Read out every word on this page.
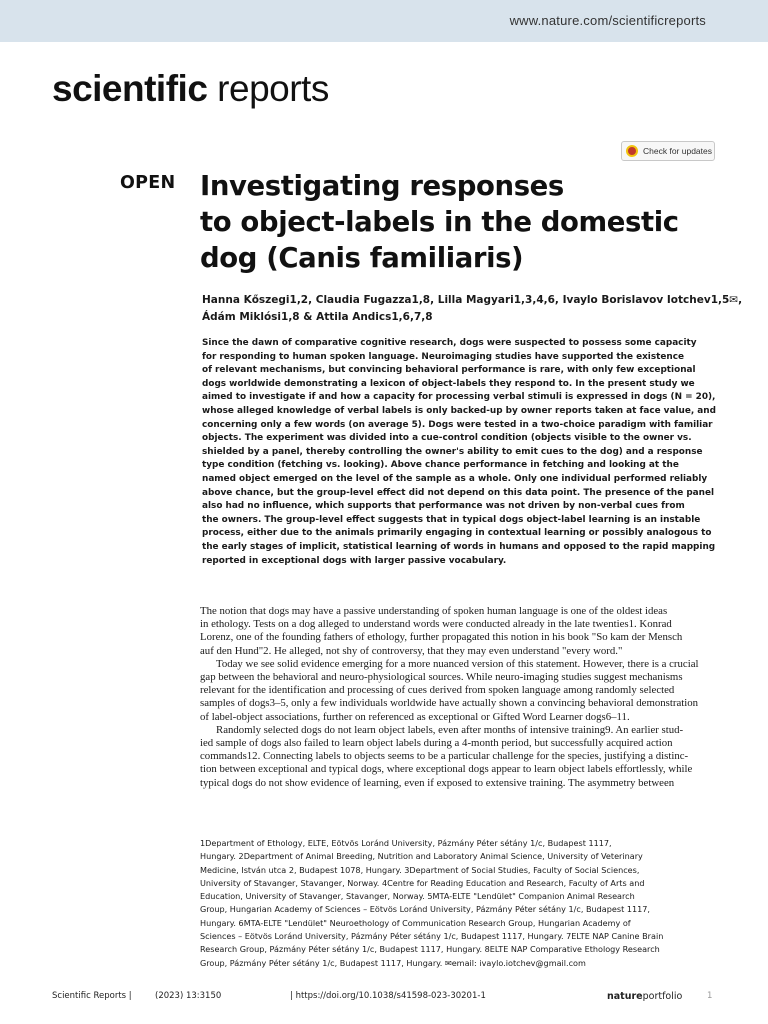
www.nature.com/scientificreports
scientific reports
Check for updates
OPEN Investigating responses
to object-labels in the domestic
dog (Canis familiaris)
Hanna Kőszegi1,2, Claudia Fugazza1,8, Lilla Magyari1,3,4,6, Ivaylo Borislavov Iotchev1,5✉,
Ádám Miklósi1,8 & Attila Andics1,6,7,8
Since the dawn of comparative cognitive research, dogs were suspected to possess some capacity
for responding to human spoken language. Neuroimaging studies have supported the existence
of relevant mechanisms, but convincing behavioral performance is rare, with only few exceptional
dogs worldwide demonstrating a lexicon of object-labels they respond to. In the present study we
aimed to investigate if and how a capacity for processing verbal stimuli is expressed in dogs (N = 20),
whose alleged knowledge of verbal labels is only backed-up by owner reports taken at face value, and
concerning only a few words (on average 5). Dogs were tested in a two-choice paradigm with familiar
objects. The experiment was divided into a cue-control condition (objects visible to the owner vs.
shielded by a panel, thereby controlling the owner's ability to emit cues to the dog) and a response
type condition (fetching vs. looking). Above chance performance in fetching and looking at the
named object emerged on the level of the sample as a whole. Only one individual performed reliably
above chance, but the group-level effect did not depend on this data point. The presence of the panel
also had no influence, which supports that performance was not driven by non-verbal cues from
the owners. The group-level effect suggests that in typical dogs object-label learning is an instable
process, either due to the animals primarily engaging in contextual learning or possibly analogous to
the early stages of implicit, statistical learning of words in humans and opposed to the rapid mapping
reported in exceptional dogs with larger passive vocabulary.
The notion that dogs may have a passive understanding of spoken human language is one of the oldest ideas
in ethology. Tests on a dog alleged to understand words were conducted already in the late twenties1. Konrad
Lorenz, one of the founding fathers of ethology, further propagated this notion in his book "So kam der Mensch
auf den Hund"2. He alleged, not shy of controversy, that they may even understand "every word."
Today we see solid evidence emerging for a more nuanced version of this statement. However, there is a crucial
gap between the behavioral and neuro-physiological sources. While neuro-imaging studies suggest mechanisms
relevant for the identification and processing of cues derived from spoken language among randomly selected
samples of dogs3–5, only a few individuals worldwide have actually shown a convincing behavioral demonstration
of label-object associations, further on referenced as exceptional or Gifted Word Learner dogs6–11.
Randomly selected dogs do not learn object labels, even after months of intensive training9. An earlier stud-
ied sample of dogs also failed to learn object labels during a 4-month period, but successfully acquired action
commands12. Connecting labels to objects seems to be a particular challenge for the species, justifying a distinc-
tion between exceptional and typical dogs, where exceptional dogs appear to learn object labels effortlessly, while
typical dogs do not show evidence of learning, even if exposed to extensive training. The asymmetry between
1Department of Ethology, ELTE, Eötvös Loránd University, Pázmány Péter sétány 1/c, Budapest 1117,
Hungary. 2Department of Animal Breeding, Nutrition and Laboratory Animal Science, University of Veterinary
Medicine, István utca 2, Budapest 1078, Hungary. 3Department of Social Studies, Faculty of Social Sciences,
University of Stavanger, Stavanger, Norway. 4Centre for Reading Education and Research, Faculty of Arts and
Education, University of Stavanger, Stavanger, Norway. 5MTA-ELTE "Lendület" Companion Animal Research
Group, Hungarian Academy of Sciences – Eötvös Loránd University, Pázmány Péter sétány 1/c, Budapest 1117,
Hungary. 6MTA-ELTE "Lendület" Neuroethology of Communication Research Group, Hungarian Academy of
Sciences – Eötvös Loránd University, Pázmány Péter sétány 1/c, Budapest 1117, Hungary. 7ELTE NAP Canine Brain
Research Group, Pázmány Péter sétány 1/c, Budapest 1117, Hungary. 8ELTE NAP Comparative Ethology Research
Group, Pázmány Péter sétány 1/c, Budapest 1117, Hungary. ✉email: ivaylo.iotchev@gmail.com
Scientific Reports |	(2023) 13:3150	| https://doi.org/10.1038/s41598-023-30201-1	natureportfolio	1
